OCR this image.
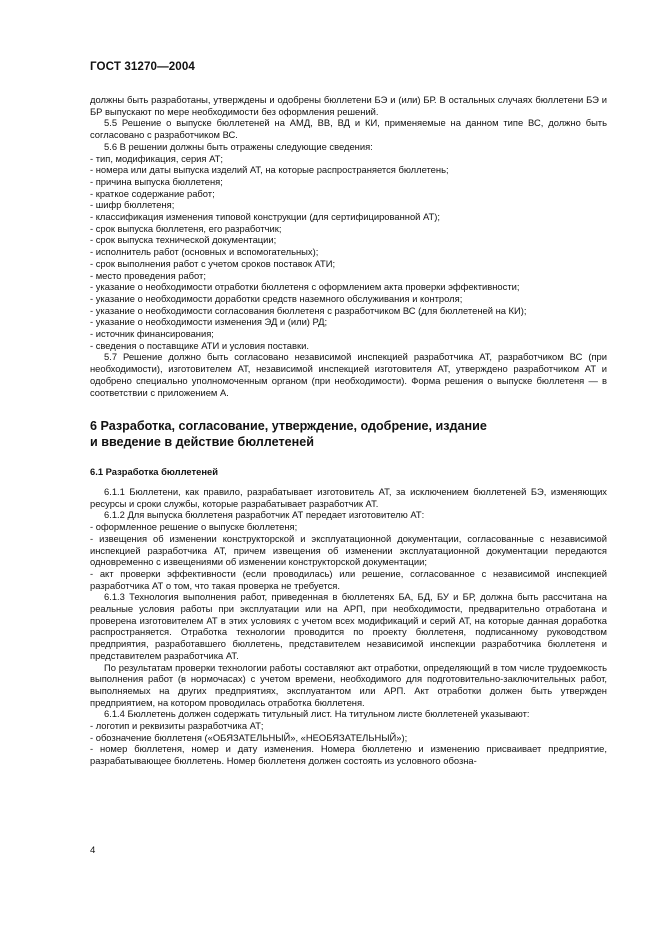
ГОСТ 31270—2004

должны быть разработаны, утверждены и одобрены бюллетени БЭ и (или) БР. В остальных случаях бюллетени БЭ и БР выпускают по мере необходимости без оформления решений.

5.5 Решение о выпуске бюллетеней на АМД, ВВ, ВД и КИ, применяемые на данном типе ВС, должно быть согласовано с разработчиком ВС.

5.6 В решении должны быть отражены следующие сведения:

- тип, модификация, серия АТ;

- номера или даты выпуска изделий АТ, на которые распространяется бюллетень;

- причина выпуска бюллетеня;

- краткое содержание работ;

- шифр бюллетеня;

- классификация изменения типовой конструкции (для сертифицированной АТ);

- срок выпуска бюллетеня, его разработчик;

- срок выпуска технической документации;

- исполнитель работ (основных и вспомогательных);

- срок выполнения работ с учетом сроков поставок АТИ;

- место проведения работ;

- указание о необходимости отработки бюллетеня с оформлением акта проверки эффективности;

- указание о необходимости доработки средств наземного обслуживания и контроля;

- указание о необходимости согласования бюллетеня с разработчиком ВС (для бюллетеней на КИ);

- указание о необходимости изменения ЭД и (или) РД;

- источник финансирования;

- сведения о поставщике АТИ и условия поставки.

5.7 Решение должно быть согласовано независимой инспекцией разработчика АТ, разработчиком ВС (при необходимости), изготовителем АТ, независимой инспекцией изготовителя АТ, утверждено разработчиком АТ и одобрено специально уполномоченным органом (при необходимости). Форма решения о выпуске бюллетеня — в соответствии с приложением А.

6 Разработка, согласование, утверждение, одобрение, издание
и введение в действие бюллетеней

6.1 Разработка бюллетеней

6.1.1 Бюллетени, как правило, разрабатывает изготовитель АТ, за исключением бюллетеней БЭ, изменяющих ресурсы и сроки службы, которые разрабатывает разработчик АТ.

6.1.2 Для выпуска бюллетеня разработчик АТ передает изготовителю АТ:

- оформленное решение о выпуске бюллетеня;

- извещения об изменении конструкторской и эксплуатационной документации, согласованные с независимой инспекцией разработчика АТ, причем извещения об изменении эксплуатационной документации передаются одновременно с извещениями об изменении конструкторской документации;

- акт проверки эффективности (если проводилась) или решение, согласованное с независимой инспекцией разработчика АТ о том, что такая проверка не требуется.

6.1.3 Технология выполнения работ, приведенная в бюллетенях БА, БД, БУ и БР, должна быть рассчитана на реальные условия работы при эксплуатации или на АРП, при необходимости, предварительно отработана и проверена изготовителем АТ в этих условиях с учетом всех модификаций и серий АТ, на которые данная доработка распространяется. Отработка технологии проводится по проекту бюллетеня, подписанному руководством предприятия, разработавшего бюллетень, представителем независимой инспекции разработчика бюллетеня и представителем разработчика АТ.

По результатам проверки технологии работы составляют акт отработки, определяющий в том числе трудоемкость выполнения работ (в нормочасах) с учетом времени, необходимого для подготовительно-заключительных работ, выполняемых на других предприятиях, эксплуатантом или АРП. Акт отработки должен быть утвержден предприятием, на котором проводилась отработка бюллетеня.

6.1.4 Бюллетень должен содержать титульный лист. На титульном листе бюллетеней указывают:

- логотип и реквизиты разработчика АТ;

- обозначение бюллетеня («ОБЯЗАТЕЛЬНЫЙ», «НЕОБЯЗАТЕЛЬНЫЙ»);

- номер бюллетеня, номер и дату изменения. Номера бюллетеню и изменению присваивает предприятие, разрабатывающее бюллетень. Номер бюллетеня должен состоять из условного обозна-

4
